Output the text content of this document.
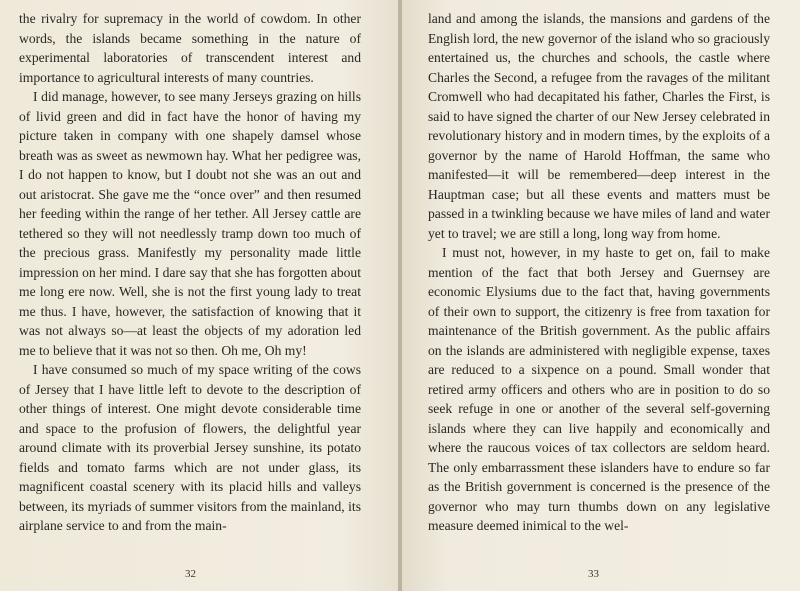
the rivalry for supremacy in the world of cowdom. In other words, the islands became something in the nature of experimental laboratories of transcendent interest and importance to agricultural interests of many countries.

I did manage, however, to see many Jerseys grazing on hills of livid green and did in fact have the honor of having my picture taken in company with one shapely damsel whose breath was as sweet as newmown hay. What her pedigree was, I do not happen to know, but I doubt not she was an out and out aristocrat. She gave me the “once over” and then resumed her feeding within the range of her tether. All Jersey cattle are tethered so they will not needlessly tramp down too much of the precious grass. Manifestly my personality made little impression on her mind. I dare say that she has forgotten about me long ere now. Well, she is not the first young lady to treat me thus. I have, however, the satisfaction of knowing that it was not always so—at least the objects of my adoration led me to believe that it was not so then. Oh me, Oh my!

I have consumed so much of my space writing of the cows of Jersey that I have little left to devote to the description of other things of interest. One might devote considerable time and space to the profusion of flowers, the delightful year around climate with its proverbial Jersey sunshine, its potato fields and tomato farms which are not under glass, its magnificent coastal scenery with its placid hills and valleys between, its myriads of summer visitors from the mainland, its airplane service to and from the main-

32

land and among the islands, the mansions and gardens of the English lord, the new governor of the island who so graciously entertained us, the churches and schools, the castle where Charles the Second, a refugee from the ravages of the militant Cromwell who had decapitated his father, Charles the First, is said to have signed the charter of our New Jersey celebrated in revolutionary history and in modern times, by the exploits of a governor by the name of Harold Hoffman, the same who manifested—it will be remembered—deep interest in the Hauptman case; but all these events and matters must be passed in a twinkling because we have miles of land and water yet to travel; we are still a long, long way from home.

I must not, however, in my haste to get on, fail to make mention of the fact that both Jersey and Guernsey are economic Elysiums due to the fact that, having governments of their own to support, the citizenry is free from taxation for maintenance of the British government. As the public affairs on the islands are administered with negligible expense, taxes are reduced to a sixpence on a pound. Small wonder that retired army officers and others who are in position to do so seek refuge in one or another of the several self-governing islands where they can live happily and economically and where the raucous voices of tax collectors are seldom heard. The only embarrassment these islanders have to endure so far as the British government is concerned is the presence of the governor who may turn thumbs down on any legislative measure deemed inimical to the wel-

33
